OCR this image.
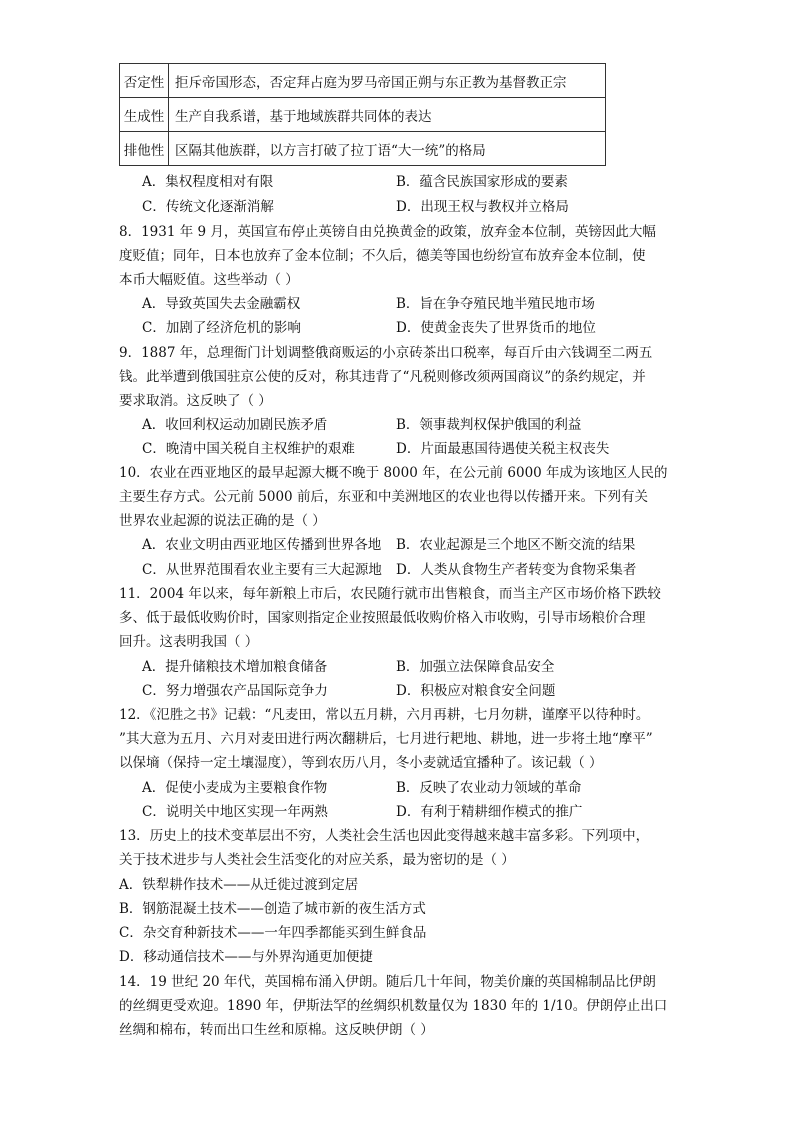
否定性	拒斥帝国形态，否定拜占庭为罗马帝国正朔与东正教为基督教正宗
生成性	生产自我系谱，基于地域族群共同体的表达
排他性	区隔其他族群，以方言打破了拉丁语“大一统”的格局
A．集权程度相对有限	B．蕴含民族国家形成的要素
C．传统文化逐渐消解	D．出现王权与教权并立格局
8．1931 年 9 月，英国宣布停止英镑自由兑换黄金的政策，放弃金本位制，英镑因此大幅
度贬值；同年，日本也放弃了金本位制；不久后，德美等国也纷纷宣布放弃金本位制，使
本币大幅贬值。这些举动（ ）
A．导致英国失去金融霸权	B．旨在争夺殖民地半殖民地市场
C．加剧了经济危机的影响	D．使黄金丧失了世界货币的地位
9．1887 年，总理衙门计划调整俄商贩运的小京砖茶出口税率，每百斤由六钱调至二两五
钱。此举遭到俄国驻京公使的反对，称其违背了“凡税则修改须两国商议”的条约规定，并
要求取消。这反映了（ ）
A．收回利权运动加剧民族矛盾	B．领事裁判权保护俄国的利益
C．晚清中国关税自主权维护的艰难	D．片面最惠国待遇使关税主权丧失
10．农业在西亚地区的最早起源大概不晚于 8000 年，在公元前 6000 年成为该地区人民的
主要生存方式。公元前 5000 前后，东亚和中美洲地区的农业也得以传播开来。下列有关
世界农业起源的说法正确的是（ ）
A．农业文明由西亚地区传播到世界各地 B．农业起源是三个地区不断交流的结果
C．从世界范围看农业主要有三大起源地 D．人类从食物生产者转变为食物采集者
11．2004 年以来，每年新粮上市后，农民随行就市出售粮食，而当主产区市场价格下跌较
多、低于最低收购价时，国家则指定企业按照最低收购价格入市收购，引导市场粮价合理
回升。这表明我国（ ）
A．提升储粮技术增加粮食储备	B．加强立法保障食品安全
C．努力增强农产品国际竞争力	D．积极应对粮食安全问题
12．《氾胜之书》记载：“凡麦田，常以五月耕，六月再耕，七月勿耕，谨摩平以待种时。
”其大意为五月、六月对麦田进行两次翻耕后，七月进行耙地、耕地，进一步将土地“摩平”
以保墒（保持一定土壤湿度），等到农历八月，冬小麦就适宜播种了。该记载（ ）
A．促使小麦成为主要粮食作物	B．反映了农业动力领域的革命
C．说明关中地区实现一年两熟	D．有利于精耕细作模式的推广
13．历史上的技术变革层出不穷，人类社会生活也因此变得越来越丰富多彩。下列项中，
关于技术进步与人类社会生活变化的对应关系，最为密切的是（ ）
A．铁犁耕作技术——从迁徙过渡到定居
B．钢筋混凝土技术——创造了城市新的夜生活方式
C．杂交育种新技术——一年四季都能买到生鲜食品
D．移动通信技术——与外界沟通更加便捷
14．19 世纪 20 年代，英国棉布涌入伊朗。随后几十年间，物美价廉的英国棉制品比伊朗
的丝绸更受欢迎。1890 年，伊斯法罕的丝绸织机数量仅为 1830 年的 1/10。伊朗停止出口
丝绸和棉布，转而出口生丝和原棉。这反映伊朗（ ）
